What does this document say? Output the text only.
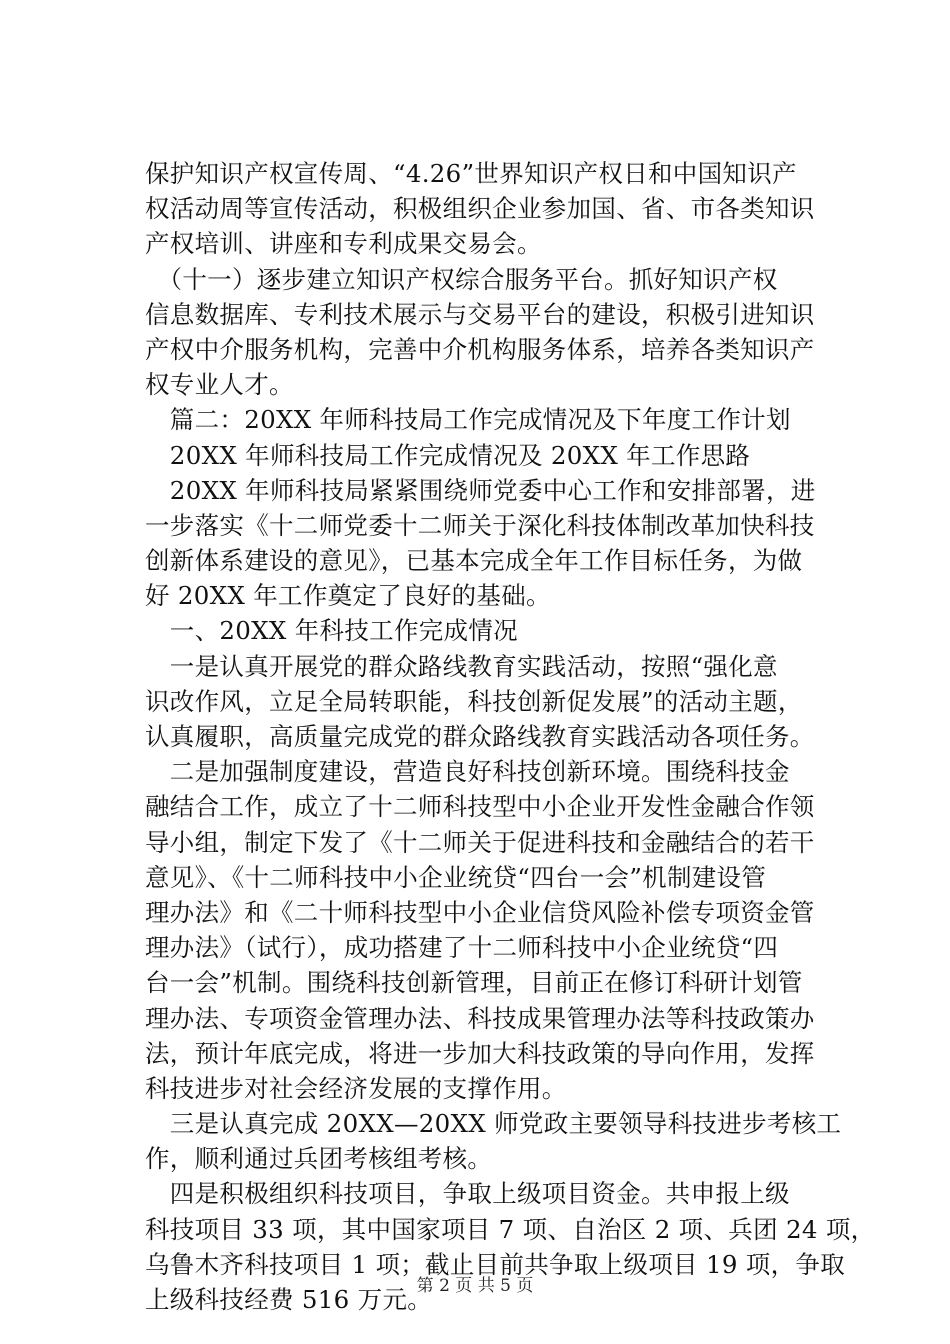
保护知识产权宣传周、“4.26”世界知识产权日和中国知识产
权活动周等宣传活动，积极组织企业参加国、省、市各类知识
产权培训、讲座和专利成果交易会。
　（十一）逐步建立知识产权综合服务平台。抓好知识产权
信息数据库、专利技术展示与交易平台的建设，积极引进知识
产权中介服务机构，完善中介机构服务体系，培养各类知识产
权专业人才。
　篇二：20XX 年师科技局工作完成情况及下年度工作计划
　20XX 年师科技局工作完成情况及 20XX 年工作思路
　20XX 年师科技局紧紧围绕师党委中心工作和安排部署，进
一步落实《十二师党委十二师关于深化科技体制改革加快科技
创新体系建设的意见》，已基本完成全年工作目标任务，为做
好 20XX 年工作奠定了良好的基础。
　一、20XX 年科技工作完成情况
　一是认真开展党的群众路线教育实践活动，按照“强化意
识改作风，立足全局转职能，科技创新促发展”的活动主题，
认真履职，高质量完成党的群众路线教育实践活动各项任务。
　二是加强制度建设，营造良好科技创新环境。围绕科技金
融结合工作，成立了十二师科技型中小企业开发性金融合作领
导小组，制定下发了《十二师关于促进科技和金融结合的若干
意见》、《十二师科技中小企业统贷“四台一会”机制建设管
理办法》和《二十师科技型中小企业信贷风险补偿专项资金管
理办法》（试行），成功搭建了十二师科技中小企业统贷“四
台一会”机制。围绕科技创新管理，目前正在修订科研计划管
理办法、专项资金管理办法、科技成果管理办法等科技政策办
法，预计年底完成，将进一步加大科技政策的导向作用，发挥
科技进步对社会经济发展的支撑作用。
　三是认真完成 20XX—20XX 师党政主要领导科技进步考核工
作，顺利通过兵团考核组考核。
　四是积极组织科技项目，争取上级项目资金。共申报上级
科技项目 33 项，其中国家项目 7 项、自治区 2 项、兵团 24 项，
乌鲁木齐科技项目 1 项；截止目前共争取上级项目 19 项，争取
上级科技经费 516 万元。
第 2 页 共 5 页
